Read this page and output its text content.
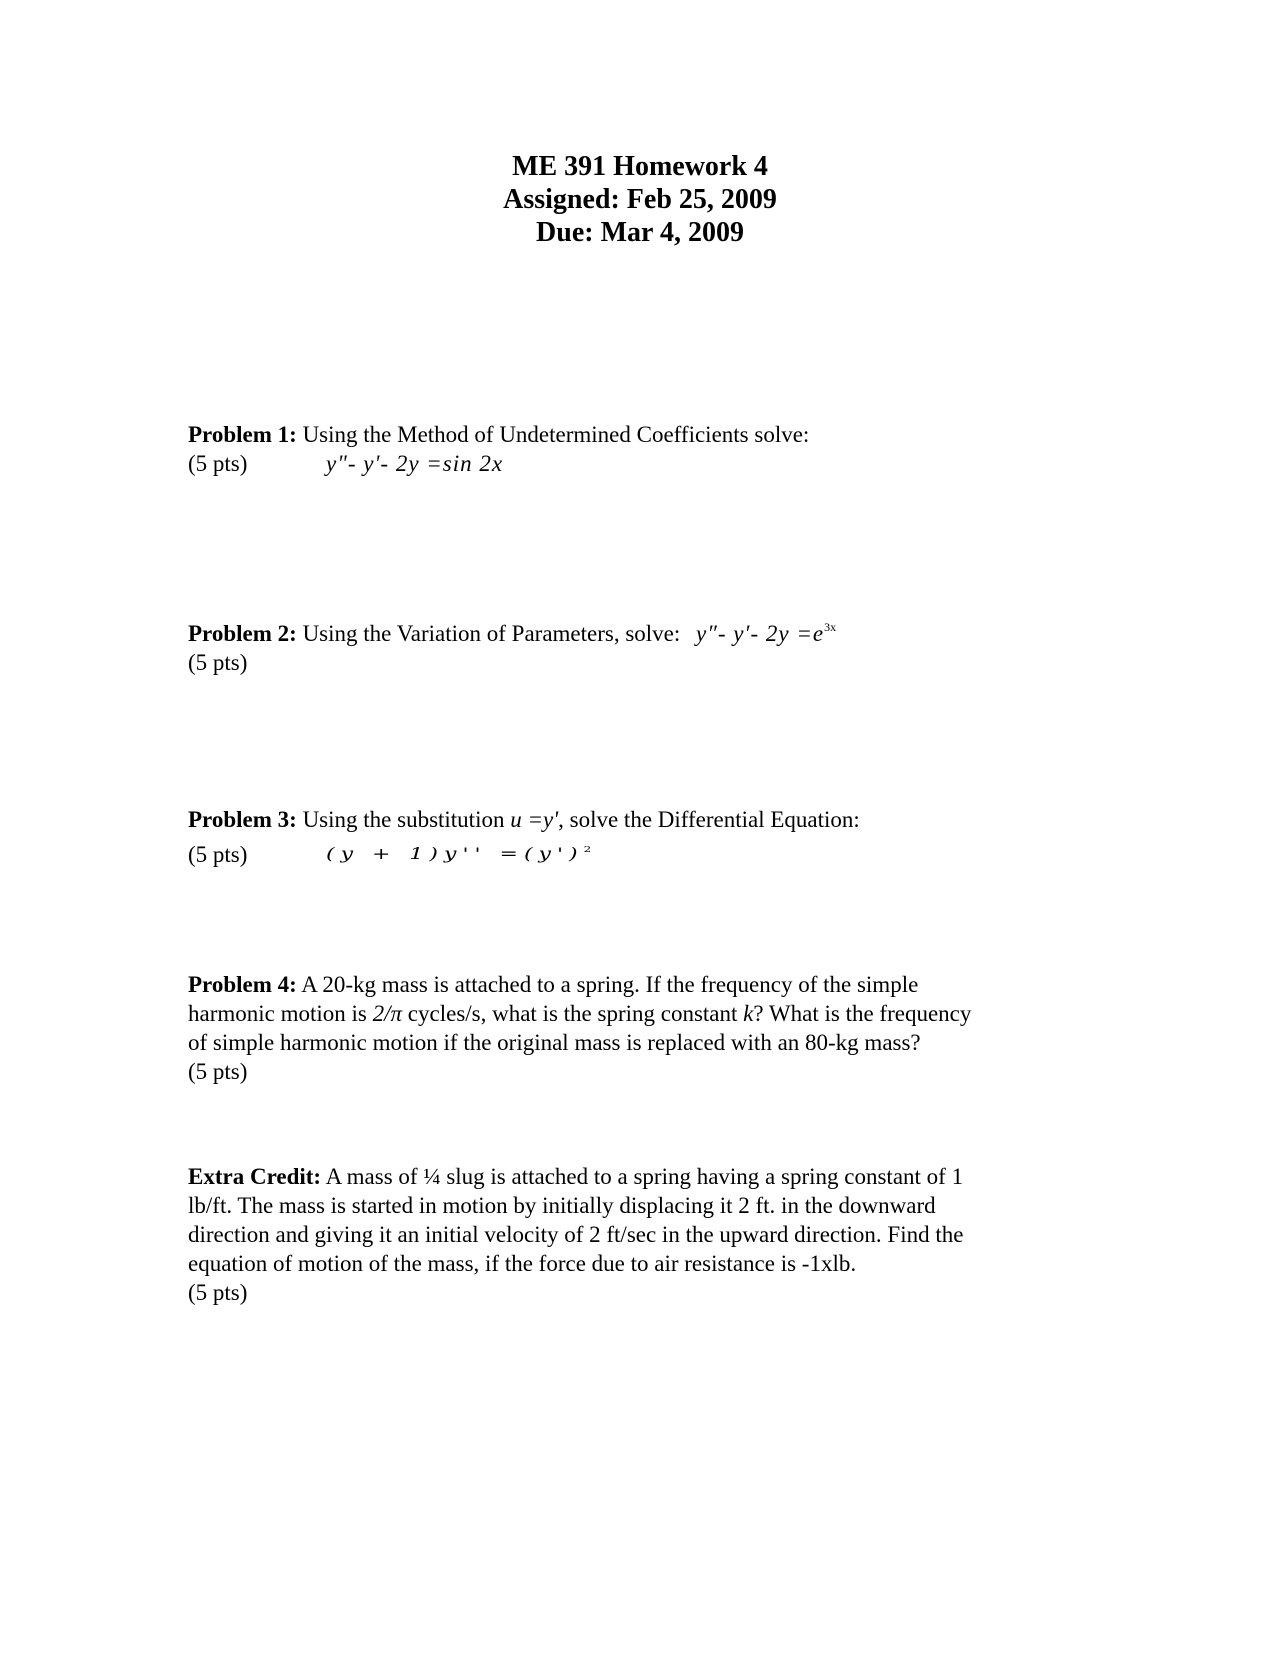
ME 391 Homework 4
Assigned: Feb 25, 2009
Due: Mar 4, 2009
Problem 1: Using the Method of Undetermined Coefficients solve:
(5 pts)	y"- y'- 2y =sin 2x
Problem 2: Using the Variation of Parameters, solve: y″- y′- $2y =e^{3x}$
(5 pts)
Problem 3: Using the substitution u =y', solve the Differential Equation:
(5 pts)	$(y + 1)y'' =(y')^2$
Problem 4: A 20-kg mass is attached to a spring. If the frequency of the simple
harmonic motion is 2/π cycles/s, what is the spring constant k? What is the frequency
of simple harmonic motion if the original mass is replaced with an 80-kg mass?
(5 pts)
Extra Credit: A mass of ¼ slug is attached to a spring having a spring constant of 1
lb/ft. The mass is started in motion by initially displacing it 2 ft. in the downward
direction and giving it an initial velocity of 2 ft/sec in the upward direction. Find the
equation of motion of the mass, if the force due to air resistance is -1xlb.
(5 pts)
